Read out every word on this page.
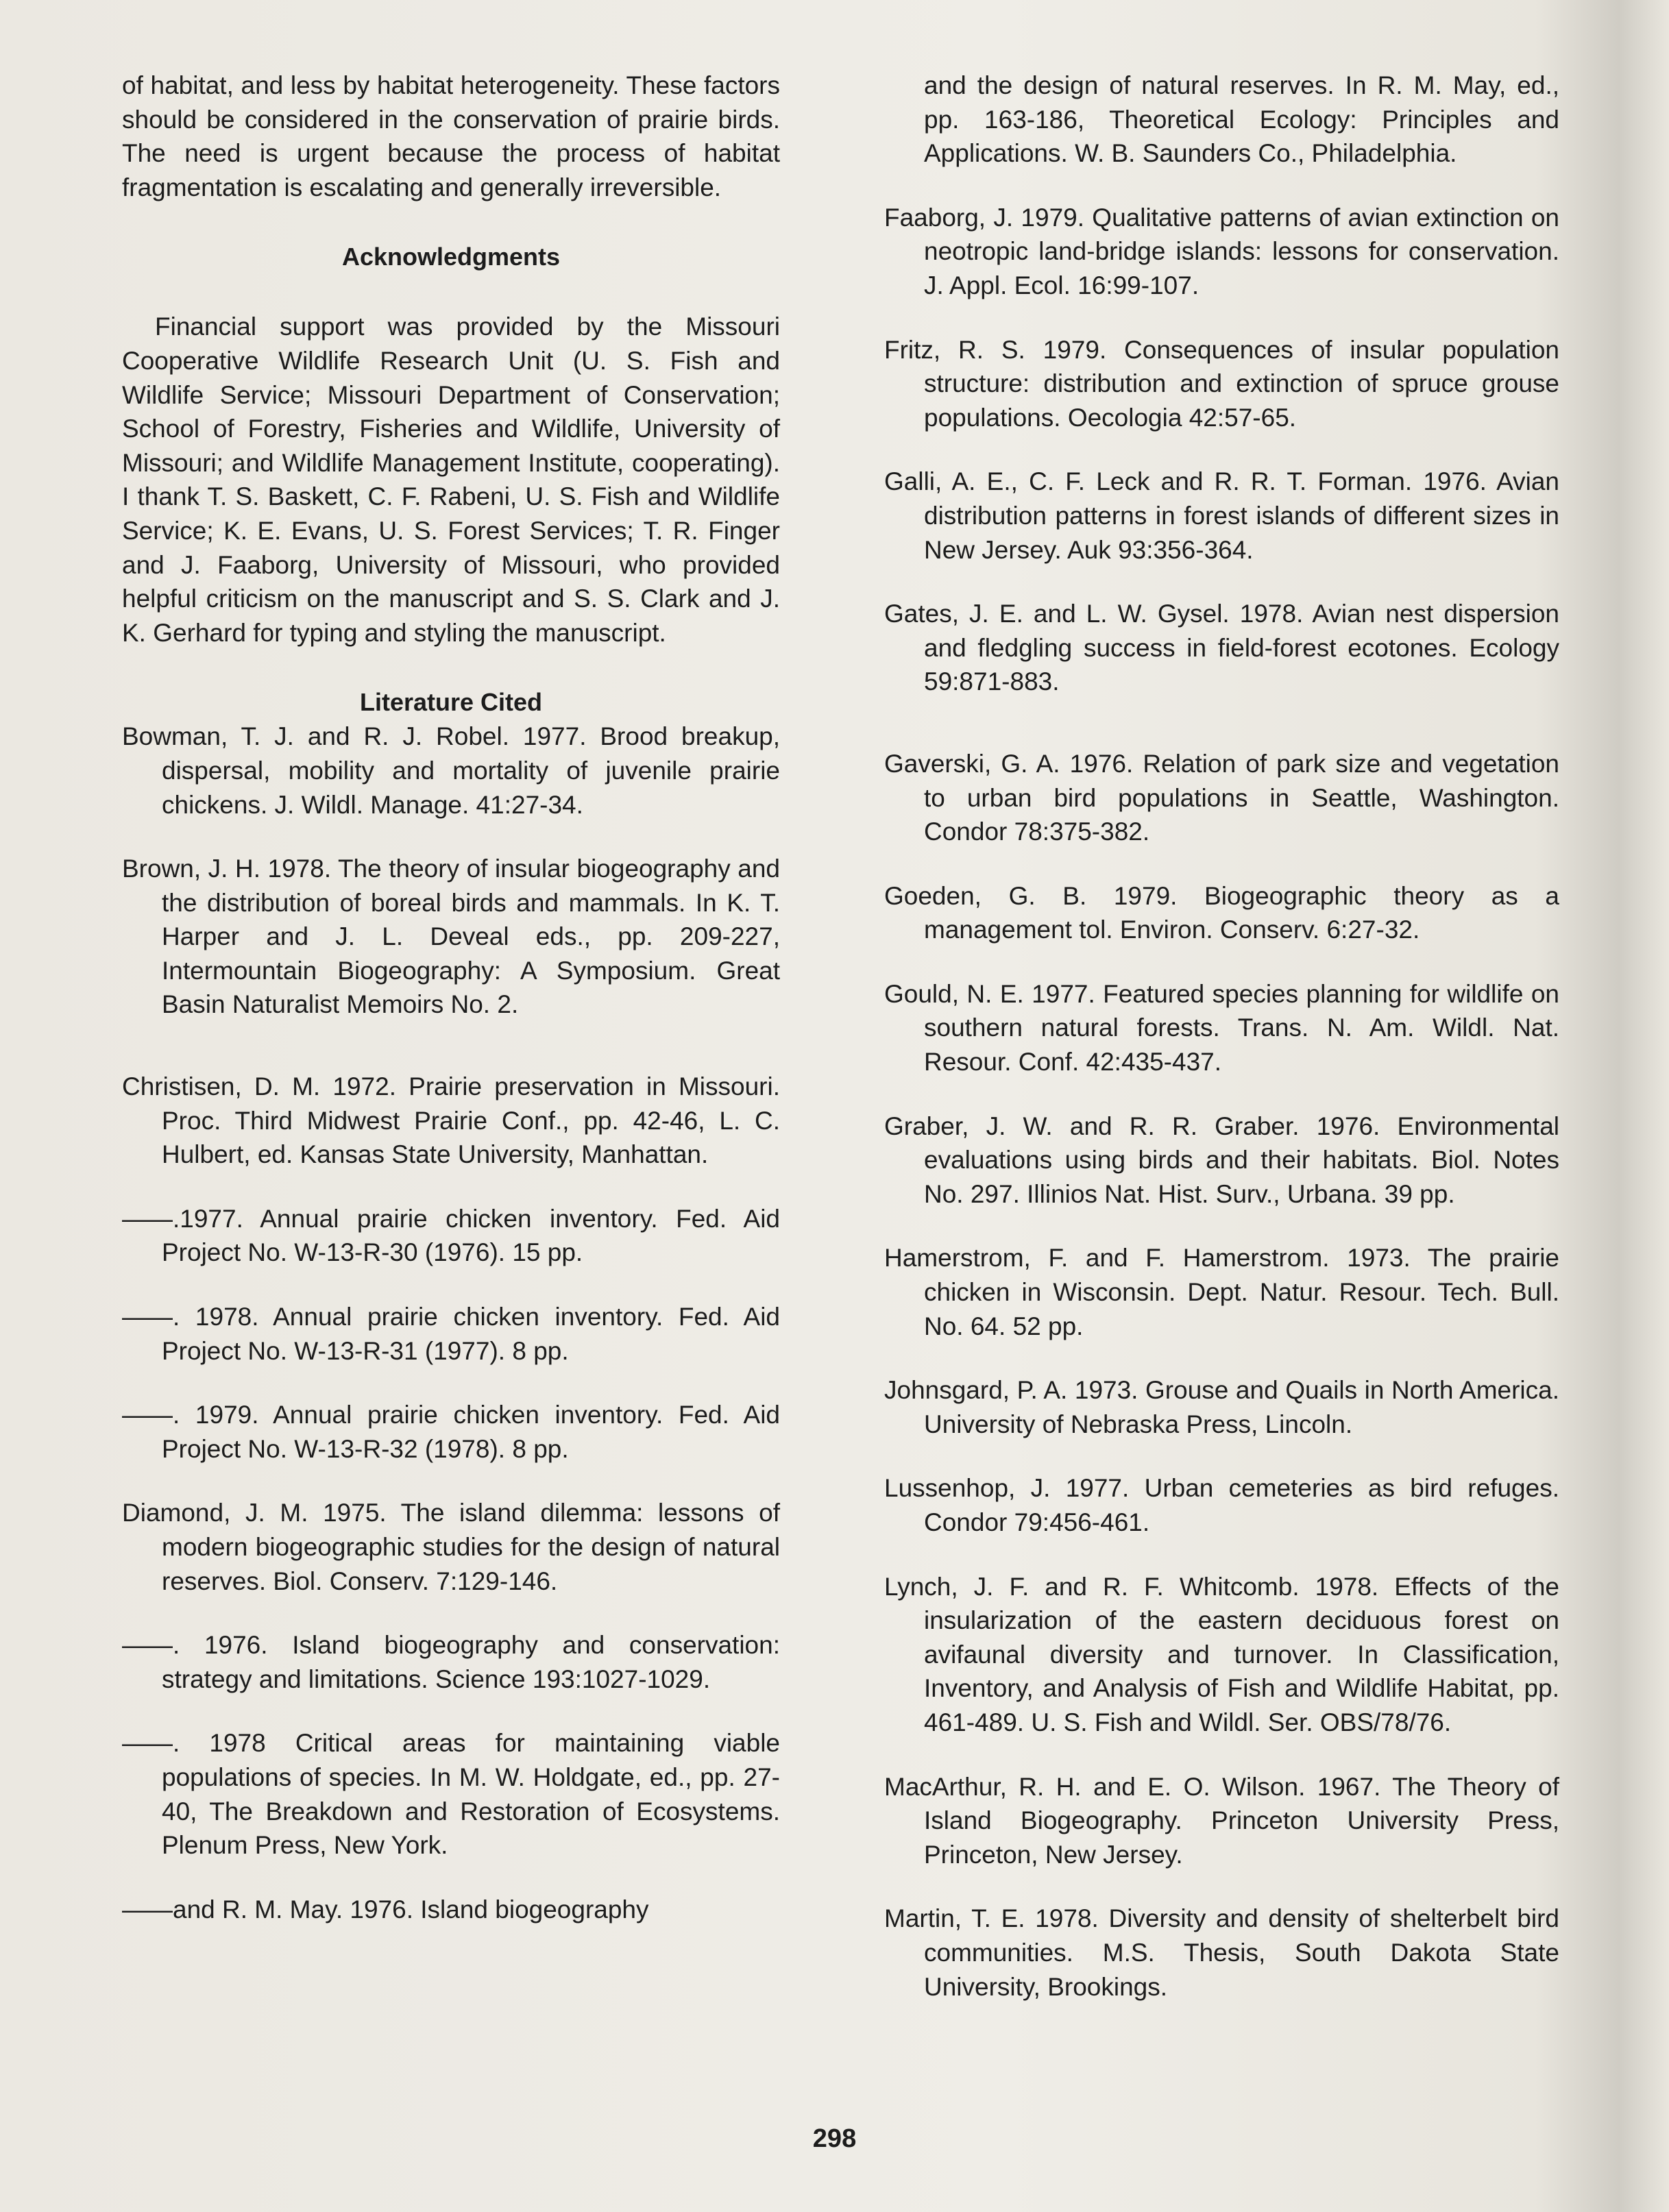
of habitat, and less by habitat heterogeneity. These factors should be considered in the conservation of prairie birds. The need is urgent because the process of habitat fragmentation is escalating and generally irreversible.

Acknowledgments

Financial support was provided by the Missouri Cooperative Wildlife Research Unit (U. S. Fish and Wildlife Service; Missouri Department of Conservation; School of Forestry, Fisheries and Wildlife, University of Missouri; and Wildlife Management Institute, cooperating). I thank T. S. Baskett, C. F. Rabeni, U. S. Fish and Wildlife Service; K. E. Evans, U. S. Forest Services; T. R. Finger and J. Faaborg, University of Missouri, who provided helpful criticism on the manuscript and S. S. Clark and J. K. Gerhard for typing and styling the manuscript.

Literature Cited

Bowman, T. J. and R. J. Robel. 1977. Brood breakup, dispersal, mobility and mortality of juvenile prairie chickens. J. Wildl. Manage. 41:27-34.

Brown, J. H. 1978. The theory of insular biogeography and the distribution of boreal birds and mammals. In K. T. Harper and J. L. Deveal eds., pp. 209-227, Intermountain Biogeography: A Symposium. Great Basin Naturalist Memoirs No. 2.

Christisen, D. M. 1972. Prairie preservation in Missouri. Proc. Third Midwest Prairie Conf., pp. 42-46, L. C. Hulbert, ed. Kansas State University, Manhattan.

——.1977. Annual prairie chicken inventory. Fed. Aid Project No. W-13-R-30 (1976). 15 pp.

——. 1978. Annual prairie chicken inventory. Fed. Aid Project No. W-13-R-31 (1977). 8 pp.

——. 1979. Annual prairie chicken inventory. Fed. Aid Project No. W-13-R-32 (1978). 8 pp.

Diamond, J. M. 1975. The island dilemma: lessons of modern biogeographic studies for the design of natural reserves. Biol. Conserv. 7:129-146.

——. 1976. Island biogeography and conservation: strategy and limitations. Science 193:1027-1029.

——. 1978 Critical areas for maintaining viable populations of species. In M. W. Holdgate, ed., pp. 27-40, The Breakdown and Restoration of Ecosystems. Plenum Press, New York.

——and R. M. May. 1976. Island biogeography

and the design of natural reserves. In R. M. May, ed., pp. 163-186, Theoretical Ecology: Principles and Applications. W. B. Saunders Co., Philadelphia.

Faaborg, J. 1979. Qualitative patterns of avian extinction on neotropic land-bridge islands: lessons for conservation. J. Appl. Ecol. 16:99-107.

Fritz, R. S. 1979. Consequences of insular population structure: distribution and extinction of spruce grouse populations. Oecologia 42:57-65.

Galli, A. E., C. F. Leck and R. R. T. Forman. 1976. Avian distribution patterns in forest islands of different sizes in New Jersey. Auk 93:356-364.

Gates, J. E. and L. W. Gysel. 1978. Avian nest dispersion and fledgling success in field-forest ecotones. Ecology 59:871-883.

Gaverski, G. A. 1976. Relation of park size and vegetation to urban bird populations in Seattle, Washington. Condor 78:375-382.

Goeden, G. B. 1979. Biogeographic theory as a management tol. Environ. Conserv. 6:27-32.

Gould, N. E. 1977. Featured species planning for wildlife on southern natural forests. Trans. N. Am. Wildl. Nat. Resour. Conf. 42:435-437.

Graber, J. W. and R. R. Graber. 1976. Environmental evaluations using birds and their habitats. Biol. Notes No. 297. Illinios Nat. Hist. Surv., Urbana. 39 pp.

Hamerstrom, F. and F. Hamerstrom. 1973. The prairie chicken in Wisconsin. Dept. Natur. Resour. Tech. Bull. No. 64. 52 pp.

Johnsgard, P. A. 1973. Grouse and Quails in North America. University of Nebraska Press, Lincoln.

Lussenhop, J. 1977. Urban cemeteries as bird refuges. Condor 79:456-461.

Lynch, J. F. and R. F. Whitcomb. 1978. Effects of the insularization of the eastern deciduous forest on avifaunal diversity and turnover. In Classification, Inventory, and Analysis of Fish and Wildlife Habitat, pp. 461-489. U. S. Fish and Wildl. Ser. OBS/78/76.

MacArthur, R. H. and E. O. Wilson. 1967. The Theory of Island Biogeography. Princeton University Press, Princeton, New Jersey.

Martin, T. E. 1978. Diversity and density of shelterbelt bird communities. M.S. Thesis, South Dakota State University, Brookings.

298
